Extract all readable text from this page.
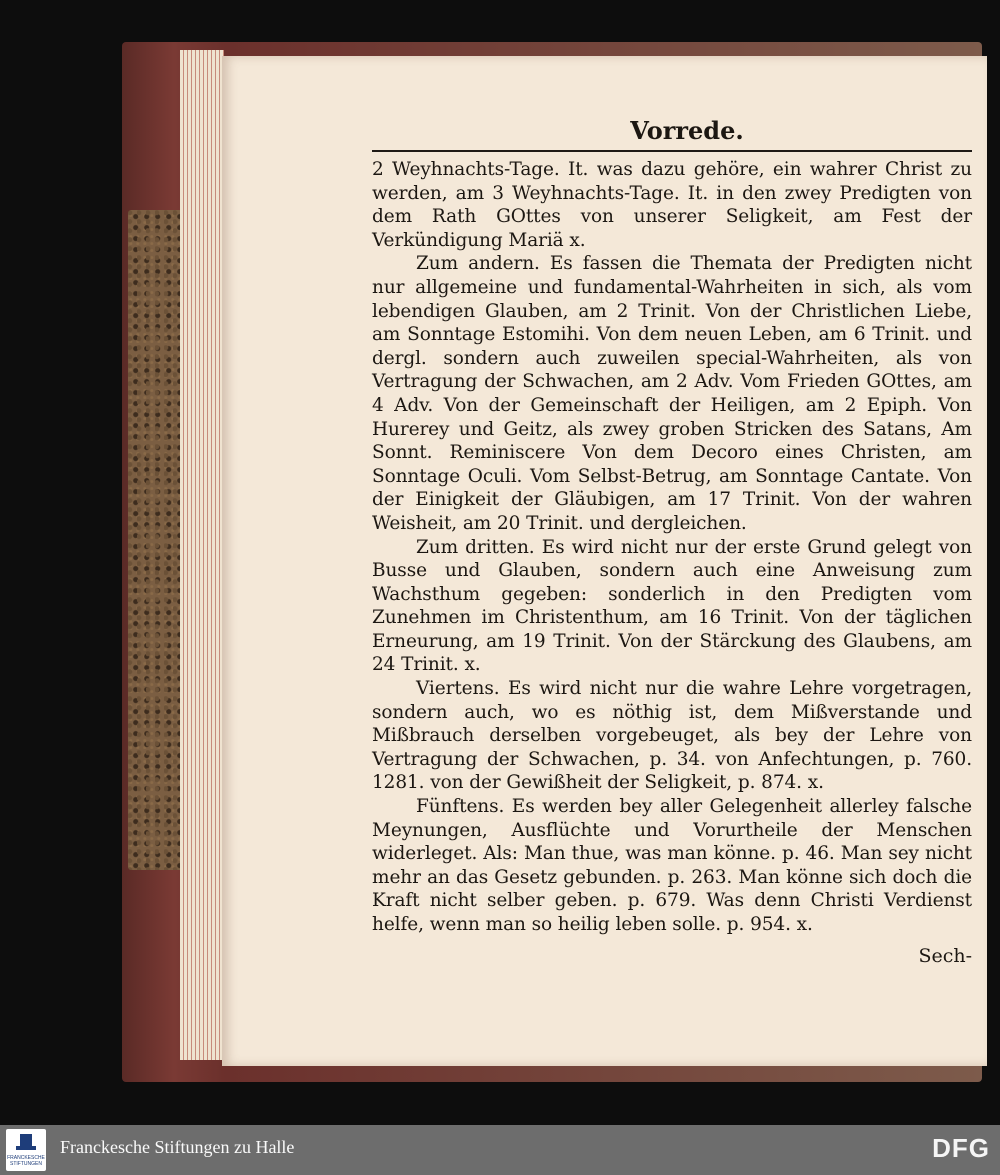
Vorrede.

2 Weyhnachts-Tage. It. was dazu gehöre, ein wahrer Christ zu werden, am 3 Weyhnachts-Tage. It. in den zwey Predigten von dem Rath GOttes von unserer Seligkeit, am Fest der Verkündigung Mariä x.

Zum andern. Es fassen die Themata der Predigten nicht nur allgemeine und fundamental-Wahrheiten in sich, als vom lebendigen Glauben, am 2 Trinit. Von der Christlichen Liebe, am Sonntage Estomihi. Von dem neuen Leben, am 6 Trinit. und dergl. sondern auch zuweilen special-Wahrheiten, als von Vertragung der Schwachen, am 2 Adv. Vom Frieden GOttes, am 4 Adv. Von der Gemeinschaft der Heiligen, am 2 Epiph. Von Hurerey und Geitz, als zwey groben Stricken des Satans, Am Sonnt. Reminiscere Von dem Decoro eines Christen, am Sonntage Oculi. Vom Selbst-Betrug, am Sonntage Cantate. Von der Einigkeit der Gläubigen, am 17 Trinit. Von der wahren Weisheit, am 20 Trinit. und dergleichen.

Zum dritten. Es wird nicht nur der erste Grund gelegt von Busse und Glauben, sondern auch eine Anweisung zum Wachsthum gegeben: sonderlich in den Predigten vom Zunehmen im Christenthum, am 16 Trinit. Von der täglichen Erneurung, am 19 Trinit. Von der Stärckung des Glaubens, am 24 Trinit. x.

Viertens. Es wird nicht nur die wahre Lehre vorgetragen, sondern auch, wo es nöthig ist, dem Mißverstande und Mißbrauch derselben vorgebeuget, als bey der Lehre von Vertragung der Schwachen, p. 34. von Anfechtungen, p. 760. 1281. von der Gewißheit der Seligkeit, p. 874. x.

Fünftens. Es werden bey aller Gelegenheit allerley falsche Meynungen, Ausflüchte und Vorurtheile der Menschen widerleget. Als: Man thue, was man könne. p. 46. Man sey nicht mehr an das Gesetz gebunden. p. 263. Man könne sich doch die Kraft nicht selber geben. p. 679. Was denn Christi Verdienst helfe, wenn man so heilig leben solle. p. 954. x.

Sech-
FRANCKESCHE STIFTUNGEN
Franckesche Stiftungen zu Halle	DFG
